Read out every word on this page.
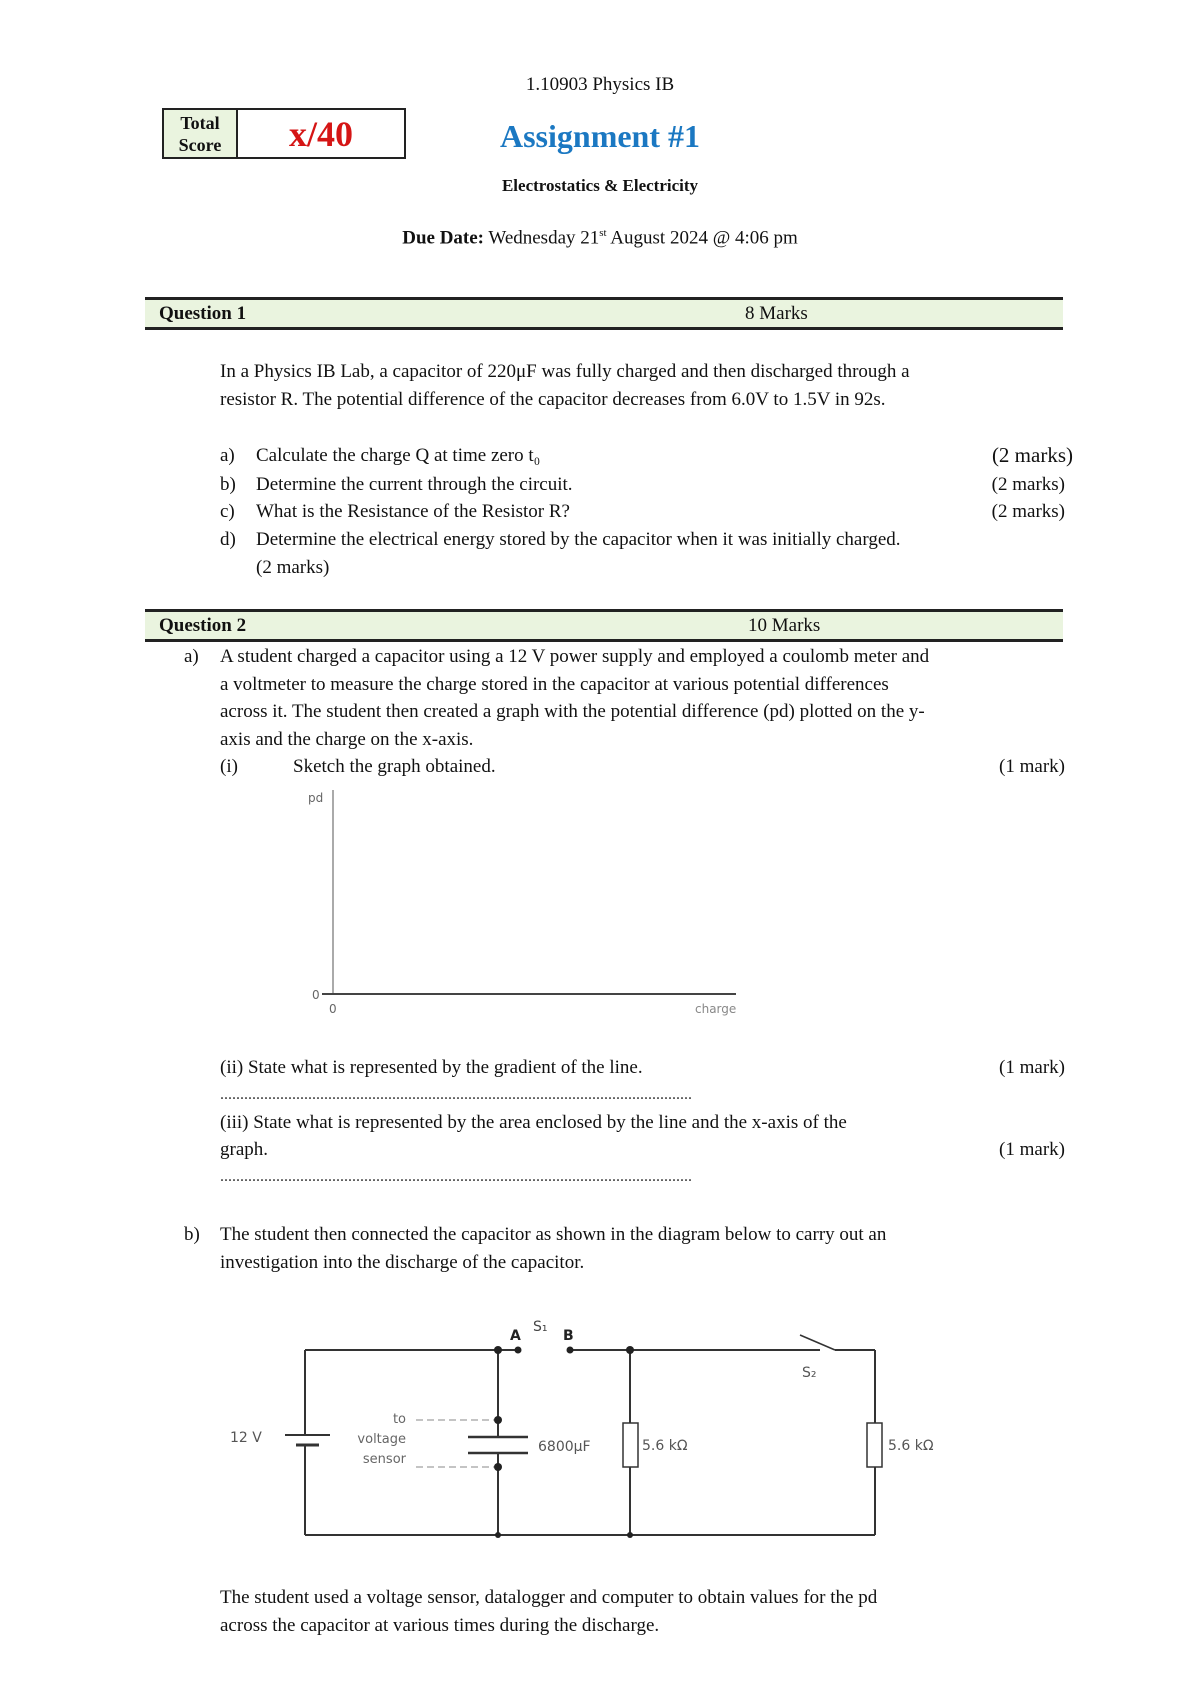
1.10903 Physics IB
Total
Score	x/40	Assignment #1
Electrostatics & Electricity
Due Date: Wednesday 21st August 2024 @ 4:06 pm
Question 1	8 Marks
In a Physics IB Lab, a capacitor of 220μF was fully charged and then discharged through a
resistor R. The potential difference of the capacitor decreases from 6.0V to 1.5V in 92s.
a) Calculate the charge Q at time zero t₀	(2 marks)
b) Determine the current through the circuit.	(2 marks)
c) What is the Resistance of the Resistor R?	(2 marks)
d) Determine the electrical energy stored by the capacitor when it was initially charged.
(2 marks)
Question 2	10 Marks
a) A student charged a capacitor using a 12 V power supply and employed a coulomb meter and
a voltmeter to measure the charge stored in the capacitor at various potential differences
across it. The student then created a graph with the potential difference (pd) plotted on the y-
axis and the charge on the x-axis.
(i)	Sketch the graph obtained.	(1 mark)
pd
0
0	charge
(ii) State what is represented by the gradient of the line.	(1 mark)
......................................................................................................................
(iii) State what is represented by the area enclosed by the line and the x-axis of the
graph.	(1 mark)
......................................................................................................................
b) The student then connected the capacitor as shown in the diagram below to carry out an
investigation into the discharge of the capacitor.
A
S₁
B
S₂
12 V
to
voltage
sensor
6800μF	5.6 kΩ	5.6 kΩ
The student used a voltage sensor, datalogger and computer to obtain values for the pd
across the capacitor at various times during the discharge.
